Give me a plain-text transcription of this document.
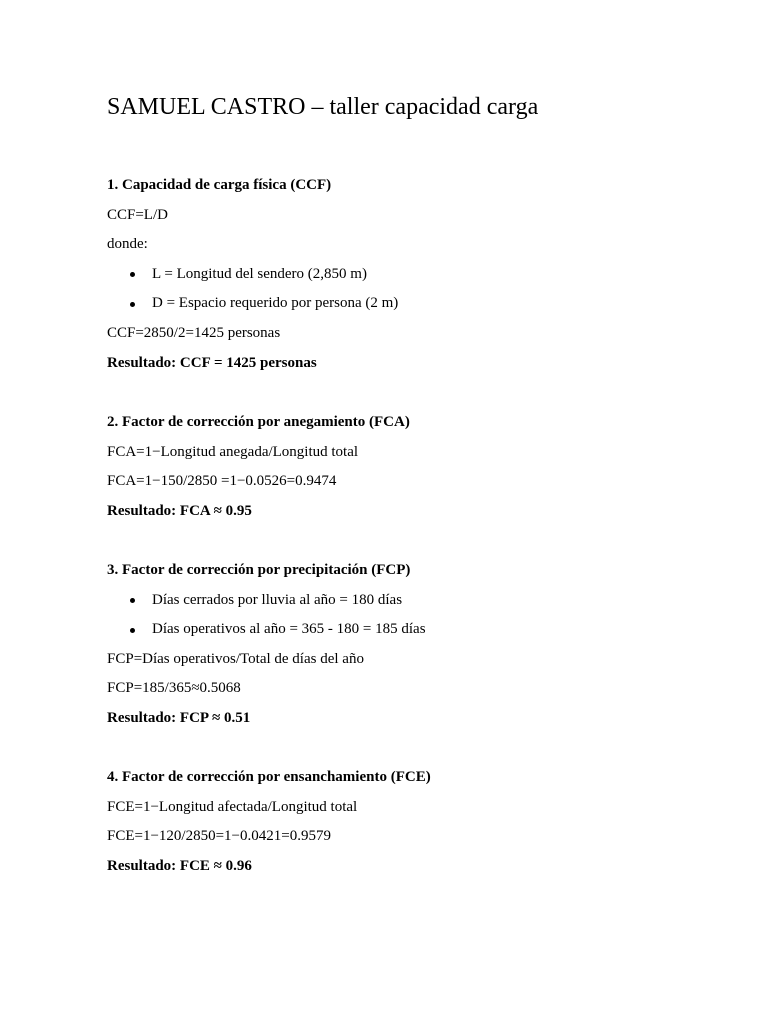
SAMUEL CASTRO – taller capacidad carga

1. Capacidad de carga física (CCF)

CCF=L/D

donde:

L = Longitud del sendero (2,850 m)
D = Espacio requerido por persona (2 m)

CCF=2850/2=1425 personas

Resultado: CCF = 1425 personas

2. Factor de corrección por anegamiento (FCA)

FCA=1−Longitud anegada/Longitud total

FCA=1−150/2850 =1−0.0526=0.9474

Resultado: FCA ≈ 0.95

3. Factor de corrección por precipitación (FCP)

Días cerrados por lluvia al año = 180 días
Días operativos al año = 365 - 180 = 185 días

FCP=Días operativos/Total de días del año

FCP=185/365≈0.5068

Resultado: FCP ≈ 0.51

4. Factor de corrección por ensanchamiento (FCE)

FCE=1−Longitud afectada/Longitud total

FCE=1−120/2850=1−0.0421=0.9579

Resultado: FCE ≈ 0.96
